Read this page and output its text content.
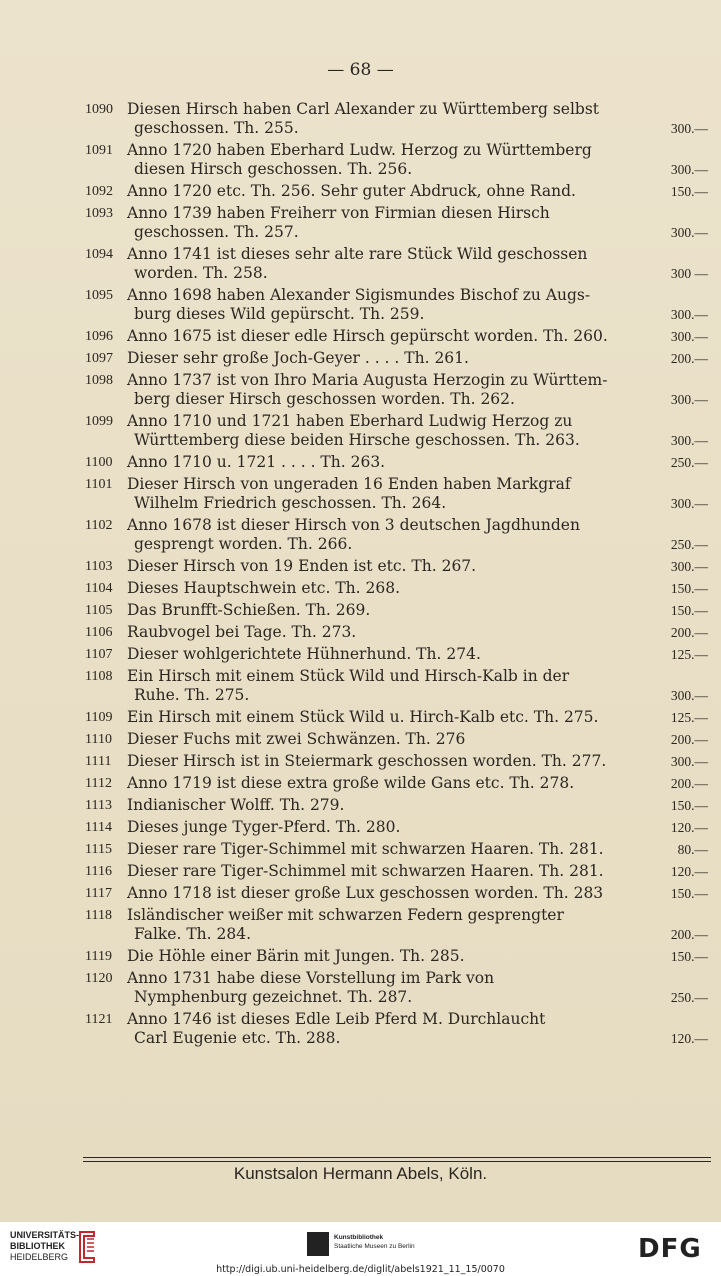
— 68 —
1090 Diesen Hirsch haben Carl Alexander zu Württemberg selbst
geschossen. Th. 255.	300.—
1091 Anno 1720 haben Eberhard Ludw. Herzog zu Württemberg
diesen Hirsch geschossen. Th. 256.	300.—
1092 Anno 1720 etc. Th. 256. Sehr guter Abdruck, ohne Rand.	150.—
1093 Anno 1739 haben Freiherr von Firmian diesen Hirsch
geschossen. Th. 257.	300.—
1094 Anno 1741 ist dieses sehr alte rare Stück Wild geschossen
worden. Th. 258.	300 —
1095 Anno 1698 haben Alexander Sigismundes Bischof zu Augs-
burg dieses Wild gepürscht. Th. 259.	300.—
1096 Anno 1675 ist dieser edle Hirsch gepürscht worden. Th. 260.	300.—
1097 Dieser sehr große Joch-Geyer . . . . Th. 261.	200.—
1098 Anno 1737 ist von Ihro Maria Augusta Herzogin zu Württem-
berg dieser Hirsch geschossen worden. Th. 262.	300.—
1099 Anno 1710 und 1721 haben Eberhard Ludwig Herzog zu
Württemberg diese beiden Hirsche geschossen. Th. 263.	300.—
1100 Anno 1710 u. 1721 . . . . Th. 263.	250.—
1101 Dieser Hirsch von ungeraden 16 Enden haben Markgraf
Wilhelm Friedrich geschossen. Th. 264.	300.—
1102 Anno 1678 ist dieser Hirsch von 3 deutschen Jagdhunden
gesprengt worden. Th. 266.	250.—
1103 Dieser Hirsch von 19 Enden ist etc. Th. 267.	300.—
1104 Dieses Hauptschwein etc. Th. 268.	150.—
1105 Das Brunfft-Schießen. Th. 269.	150.—
1106 Raubvogel bei Tage. Th. 273.	200.—
1107 Dieser wohlgerichtete Hühnerhund. Th. 274.	125.—
1108 Ein Hirsch mit einem Stück Wild und Hirsch-Kalb in der
Ruhe. Th. 275.	300.—
1109 Ein Hirsch mit einem Stück Wild u. Hirch-Kalb etc. Th. 275.	125.—
1110 Dieser Fuchs mit zwei Schwänzen. Th. 276	200.—
1111	Dieser Hirsch ist in Steiermark geschossen worden. Th. 277.	300.—
1112 Anno 1719 ist diese extra große wilde Gans etc. Th. 278.	200.—
1113 Indianischer Wolff. Th. 279.	150.—
1114 Dieses junge Tyger-Pferd. Th. 280.	120.—
1115 Dieser rare Tiger-Schimmel mit schwarzen Haaren. Th. 281.	80.—
1116 Dieser rare Tiger-Schimmel mit schwarzen Haaren. Th. 281.	120.—
1117 Anno 1718 ist dieser große Lux geschossen worden. Th. 283	150.—
1118 Isländischer weißer mit schwarzen Federn gesprengter
Falke. Th. 284.	200.—
1119 Die Höhle einer Bärin mit Jungen. Th. 285.	150.—
1120 Anno 1731 habe diese Vorstellung im Park von
Nymphenburg gezeichnet. Th. 287.	250.—
1121 Anno 1746 ist dieses Edle Leib Pferd M. Durchlaucht
Carl Eugenie etc. Th. 288.	120.—
Kunstsalon Hermann Abels, Köln.
UNIVERSITÄTS-
BIBLIOTHEK
HEIDELBERG
Kunstbibliothek
Staatliche Museen zu Berlin	DFG
http://digi.ub.uni-heidelberg.de/diglit/abels1921_11_15/0070
